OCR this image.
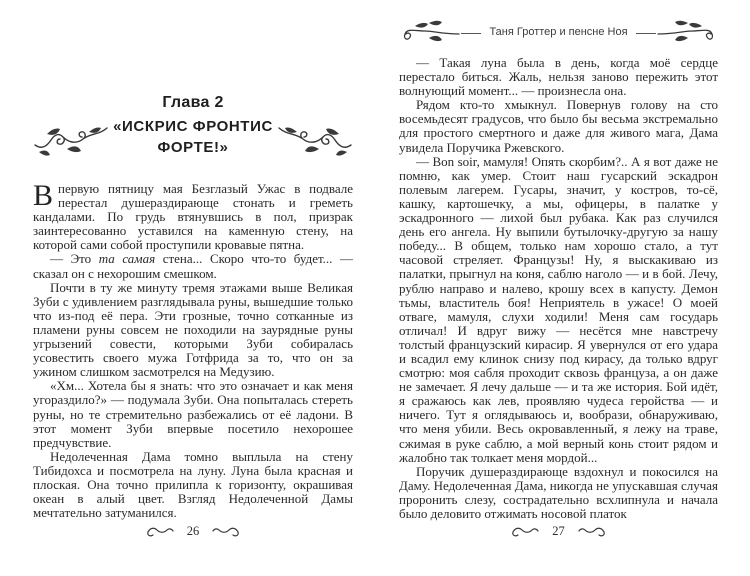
Глава 2
«ИСКРИС ФРОНТИС
ФОРТЕ!»

Впервую пятницу мая Безглазый Ужас в подвале перестал душераздирающе стонать и греметь кандалами. По грудь втянувшись в пол, призрак заинтересованно уставился на каменную стену, на которой сами собой проступили кровавые пятна.

— Это та самая стена... Скоро что-то будет... — сказал он с нехорошим смешком.

Почти в ту же минуту тремя этажами выше Великая Зуби с удивлением разглядывала руны, вышедшие только что из-под её пера. Эти грозные, точно сотканные из пламени руны совсем не походили на заурядные руны угрызений совести, которыми Зуби собиралась усовестить своего мужа Готфрида за то, что он за ужином слишком засмотрелся на Медузию.

«Хм... Хотела бы я знать: что это означает и как меня угораздило?» — подумала Зуби. Она попыталась стереть руны, но те стремительно разбежались от её ладони. В этот момент Зуби впервые посетило нехорошее предчувствие.

Недолеченная Дама томно выплыла на стену Тибидохса и посмотрела на луну. Луна была красная и плоская. Она точно прилипла к горизонту, окрашивая океан в алый цвет. Взгляд Недолеченной Дамы мечтательно затуманился.

26
Таня Гроттер и пенсне Ноя

— Такая луна была в день, когда моё сердце перестало биться. Жаль, нельзя заново пережить этот волнующий момент... — произнесла она.

Рядом кто-то хмыкнул. Повернув голову на сто восемьдесят градусов, что было бы весьма экстремально для простого смертного и даже для живого мага, Дама увидела Поручика Ржевского.

— Bon soir, мамуля! Опять скорбим?.. А я вот даже не помню, как умер. Стоит наш гусарский эскадрон полевым лагерем. Гусары, значит, у костров, то-сё, кашку, картошечку, а мы, офицеры, в палатке у эскадронного — лихой был рубака. Как раз случился день его ангела. Ну выпили бутылочку-другую за нашу победу... В общем, только нам хорошо стало, а тут часовой стреляет. Французы! Ну, я выскакиваю из палатки, прыгнул на коня, саблю наголо — и в бой. Лечу, рублю направо и налево, крошу всех в капусту. Демон тьмы, властитель боя! Неприятель в ужасе! О моей отваге, мамуля, слухи ходили! Меня сам государь отличал! И вдруг вижу — несётся мне навстречу толстый французский кирасир. Я увернулся от его удара и всадил ему клинок снизу под кирасу, да только вдруг смотрю: моя сабля проходит сквозь француза, а он даже не замечает. Я лечу дальше — и та же история. Бой идёт, я сражаюсь как лев, проявляю чудеса геройства — и ничего. Тут я оглядываюсь и, вообрази, обнаруживаю, что меня убили. Весь окровавленный, я лежу на траве, сжимая в руке саблю, а мой верный конь стоит рядом и жалобно так толкает меня мордой...

Поручик душераздирающе вздохнул и покосился на Даму. Недолеченная Дама, никогда не упускавшая случая проронить слезу, сострадательно всхлипнула и начала было деловито отжимать носовой платок

27
